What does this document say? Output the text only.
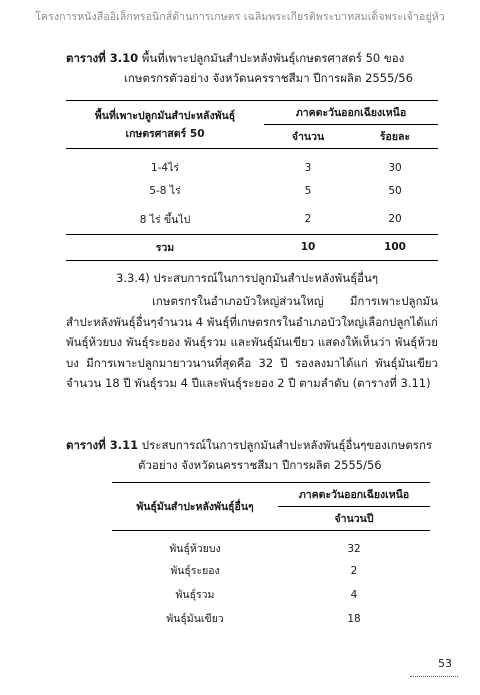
โครงการหนังสืออิเล็กทรอนิกส์ด้านการเกษตร เฉลิมพระเกียรติพระบาทสมเด็จพระเจ้าอยู่หัว
ตารางที่ 3.10 พื้นที่เพาะปลูกมันสำปะหลังพันธุ์เกษตรศาสตร์ 50 ของ
เกษตรกรตัวอย่าง จังหวัดนครราชสีมา ปีการผลิต 2555/56
พื้นที่เพาะปลูกมันสำปะหลังพันธุ์ เกษตรศาสตร์ 50	ภาคตะวันออกเฉียงเหนือ	
	จำนวน	ร้อยละ
1-4ไร่	3	30
5-8 ไร่	5	50
8 ไร่ ขึ้นไป	2	20
รวม	10	100
3.3.4) ประสบการณ์ในการปลูกมันสำปะหลังพันธุ์อื่นๆ
เกษตรกรในอำเภอบัวใหญ่ส่วนใหญ่ มีการเพาะปลูกมันสำปะหลังพันธุ์อื่นๆจำนวน 4 พันธุ์ที่เกษตรกรในอำเภอบัวใหญ่เลือกปลูกได้แก่ พันธุ์ห้วยบง พันธุ์ระยอง พันธุ์รวม และพันธุ์มันเขียว แสดงให้เห็นว่า พันธุ์ห้วยบง มีการเพาะปลูกมายาวนานที่สุดคือ 32 ปี รองลงมาได้แก่ พันธุ์มันเขียว จำนวน 18 ปี พันธุ์รวม 4 ปีและพันธุ์ระยอง 2 ปี ตามลำดับ (ตารางที่ 3.11)
ตารางที่ 3.11 ประสบการณ์ในการปลูกมันสำปะหลังพันธุ์อื่นๆของเกษตรกร
ตัวอย่าง จังหวัดนครราชสีมา ปีการผลิต 2555/56
พันธุ์มันสำปะหลังพันธุ์อื่นๆ	ภาคตะวันออกเฉียงเหนือ
	จำนวนปี
พันธุ์ห้วยบง	32
พันธุ์ระยอง	2
พันธุ์รวม	4
พันธุ์มันเขียว	18
53
